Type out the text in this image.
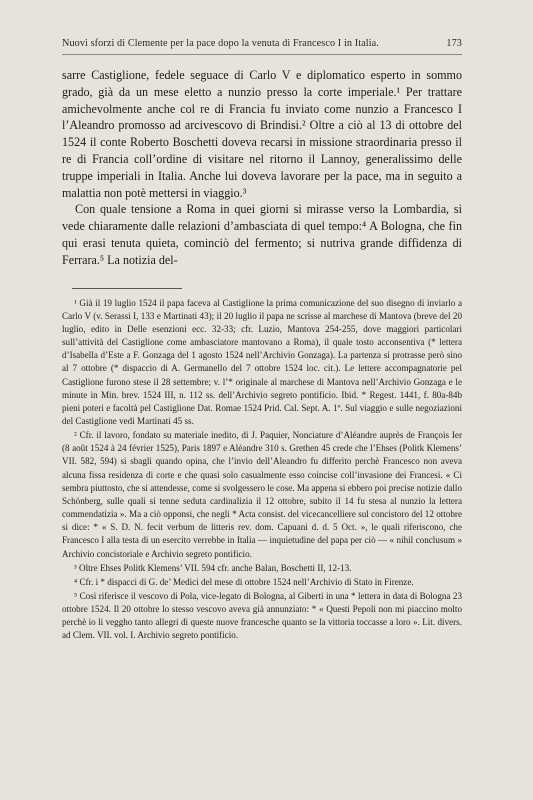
Nuovi sforzi di Clemente per la pace dopo la venuta di Francesco I in Italia.	173

sarre Castiglione, fedele seguace di Carlo V e diplomatico esperto in sommo grado, già da un mese eletto a nunzio presso la corte imperiale.¹ Per trattare amichevolmente anche col re di Francia fu inviato come nunzio a Francesco I l’Aleandro promosso ad arcivescovo di Brindisi.² Oltre a ciò al 13 di ottobre del 1524 il conte Roberto Boschetti doveva recarsi in missione straordinaria presso il re di Francia coll’ordine di visitare nel ritorno il Lannoy, generalissimo delle truppe imperiali in Italia. Anche lui doveva lavorare per la pace, ma in seguito a malattia non potè mettersi in viaggio.³

Con quale tensione a Roma in quei giorni si mirasse verso la Lombardia, si vede chiaramente dalle relazioni d’ambasciata di quel tempo:⁴ A Bologna, che fin qui erasi tenuta quieta, cominciò del fermento; si nutriva grande diffidenza di Ferrara.⁵ La notizia del-

¹ Già il 19 luglio 1524 il papa faceva al Castiglione la prima comunicazione del suo disegno di inviarlo a Carlo V (v. Serassi I, 133 e Martinati 43); il 20 luglio il papa ne scrisse al marchese di Mantova (breve del 20 luglio, edito in Delle esenzioni ecc. 32-33; cfr. Luzio, Mantova 254-255, dove maggiori particolari sull’attività del Castiglione come ambasciatore mantovano a Roma), il quale tosto acconsentiva (* lettera d’Isabella d’Este a F. Gonzaga del 1 agosto 1524 nell’Archivio Gonzaga). La partenza si protrasse però sino al 7 ottobre (* dispaccio di A. Germanello del 7 ottobre 1524 loc. cit.). Le lettere accompagnatorie pel Castiglione furono stese il 28 settembre; v. l’* originale al marchese di Mantova nell’Archivio Gonzaga e le minute in Min. brev. 1524 III, n. 112 ss. dell’Archivio segreto pontificio. Ibid. * Regest. 1441, f. 80a-84b pieni poteri e facoltà pel Castiglione Dat. Romae 1524 Prid. Cal. Sept. A. 1º. Sul viaggio e sulle negoziazioni del Castiglione vedi Martinati 45 ss.

² Cfr. il lavoro, fondato su materiale inedito, di J. Paquier, Nonciature d’Aléandre auprès de François Ier (8 août 1524 à 24 février 1525), Paris 1897 e Aléandre 310 s. Grethen 45 crede che l’Ehses (Politk Klemens’ VII. 582, 594) si sbagli quando opina, che l’invio dell’Aleandro fu differito perchè Francesco non aveva alcuna fissa residenza di corte e che quasi solo casualmente esso coincise coll’invasione dei Francesi. « Ci sembra piuttosto, che si attendesse, come si svolgessero le cose. Ma appena si ebbero poi precise notizie dallo Schönberg, sulle quali si tenne seduta cardinalizia il 12 ottobre, subito il 14 fu stesa al nunzio la lettera commendatizia ». Ma a ciò opponsi, che negli * Acta consist. del vicecancelliere sul concistoro del 12 ottobre si dice: * « S. D. N. fecit verbum de litteris rev. dom. Capuani d. d. 5 Oct. », le quali riferiscono, che Francesco I alla testa di un esercito verrebbe in Italia — inquietudine del papa per ciò — « nihil conclusum » Archivio concistoriale e Archivio segreto pontificio.

³ Oltre Ehses Politk Klemens’ VII. 594 cfr. anche Balan, Boschetti II, 12-13.

⁴ Cfr. i * dispacci di G. de’ Medici del mese di ottobre 1524 nell’Archivio di Stato in Firenze.

⁵ Così riferisce il vescovo di Pola, vice-legato di Bologna, al Giberti in una * lettera in data di Bologna 23 ottobre 1524. Il 20 ottobre lo stesso vescovo aveva già annunziato: * « Questi Pepoli non mi piaccino molto perchè io li veggho tanto allegri di queste nuove francesche quanto se la vittoria toccasse a loro ». Lit. divers. ad Clem. VII. vol. I. Archivio segreto pontificio.
